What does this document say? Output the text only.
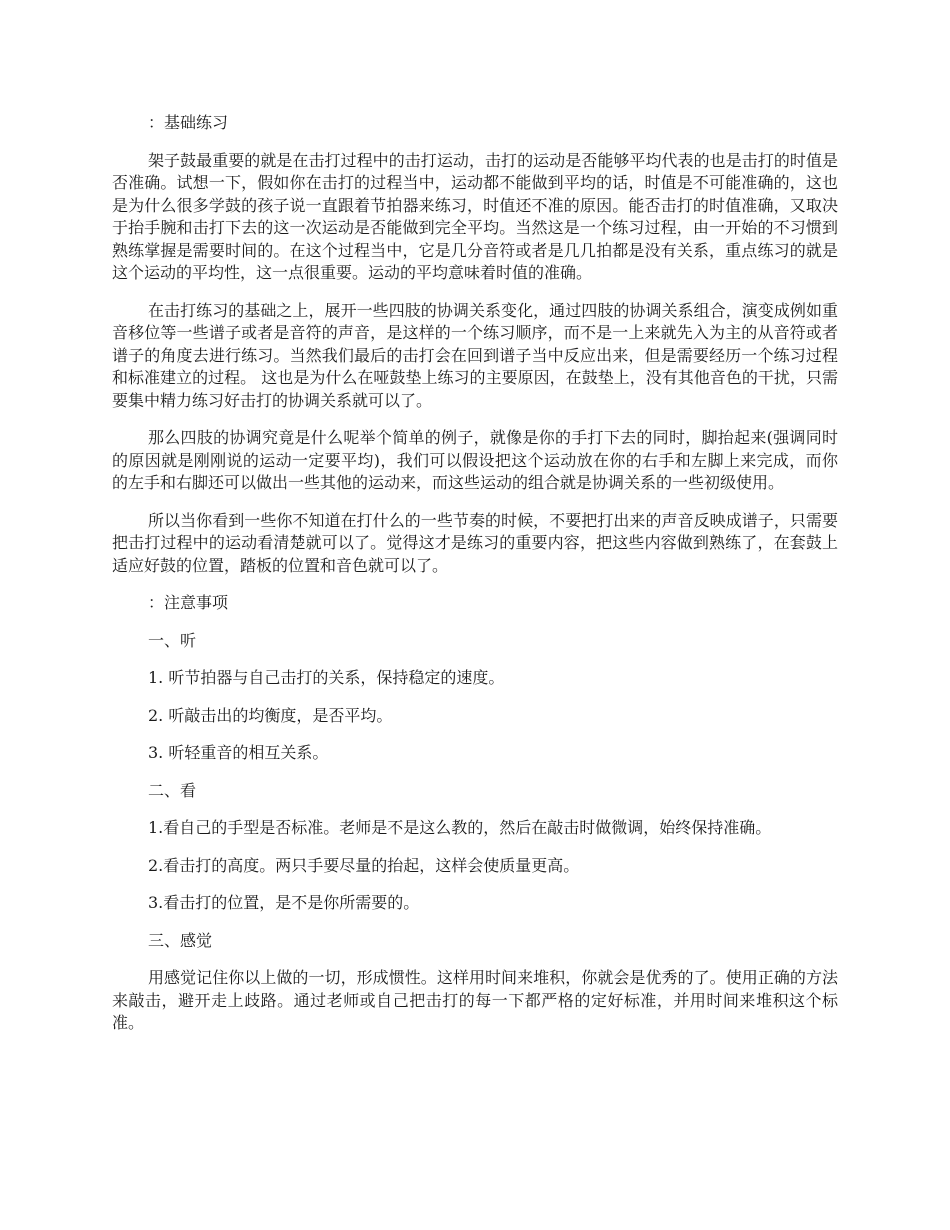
：基础练习

架子鼓最重要的就是在击打过程中的击打运动，击打的运动是否能够平均代表的也是击打的时值是否准确。试想一下，假如你在击打的过程当中，运动都不能做到平均的话，时值是不可能准确的，这也是为什么很多学鼓的孩子说一直跟着节拍器来练习，时值还不准的原因。能否击打的时值准确，又取决于抬手腕和击打下去的这一次运动是否能做到完全平均。当然这是一个练习过程，由一开始的不习惯到熟练掌握是需要时间的。在这个过程当中，它是几分音符或者是几几拍都是没有关系，重点练习的就是这个运动的平均性，这一点很重要。运动的平均意味着时值的准确。

在击打练习的基础之上，展开一些四肢的协调关系变化，通过四肢的协调关系组合，演变成例如重音移位等一些谱子或者是音符的声音，是这样的一个练习顺序，而不是一上来就先入为主的从音符或者谱子的角度去进行练习。当然我们最后的击打会在回到谱子当中反应出来，但是需要经历一个练习过程和标准建立的过程。 这也是为什么在哑鼓垫上练习的主要原因，在鼓垫上，没有其他音色的干扰，只需要集中精力练习好击打的协调关系就可以了。

那么四肢的协调究竟是什么呢举个简单的例子，就像是你的手打下去的同时，脚抬起来(强调同时的原因就是刚刚说的运动一定要平均)，我们可以假设把这个运动放在你的右手和左脚上来完成，而你的左手和右脚还可以做出一些其他的运动来，而这些运动的组合就是协调关系的一些初级使用。

所以当你看到一些你不知道在打什么的一些节奏的时候，不要把打出来的声音反映成谱子，只需要把击打过程中的运动看清楚就可以了。觉得这才是练习的重要内容，把这些内容做到熟练了，在套鼓上适应好鼓的位置，踏板的位置和音色就可以了。

：注意事项

一、听

1. 听节拍器与自己击打的关系，保持稳定的速度。

2. 听敲击出的均衡度，是否平均。

3. 听轻重音的相互关系。

二、看

1.看自己的手型是否标准。老师是不是这么教的，然后在敲击时做微调，始终保持准确。

2.看击打的高度。两只手要尽量的抬起，这样会使质量更高。

3.看击打的位置，是不是你所需要的。

三、感觉

用感觉记住你以上做的一切，形成惯性。这样用时间来堆积，你就会是优秀的了。使用正确的方法来敲击，避开走上歧路。通过老师或自己把击打的每一下都严格的定好标准，并用时间来堆积这个标准。
